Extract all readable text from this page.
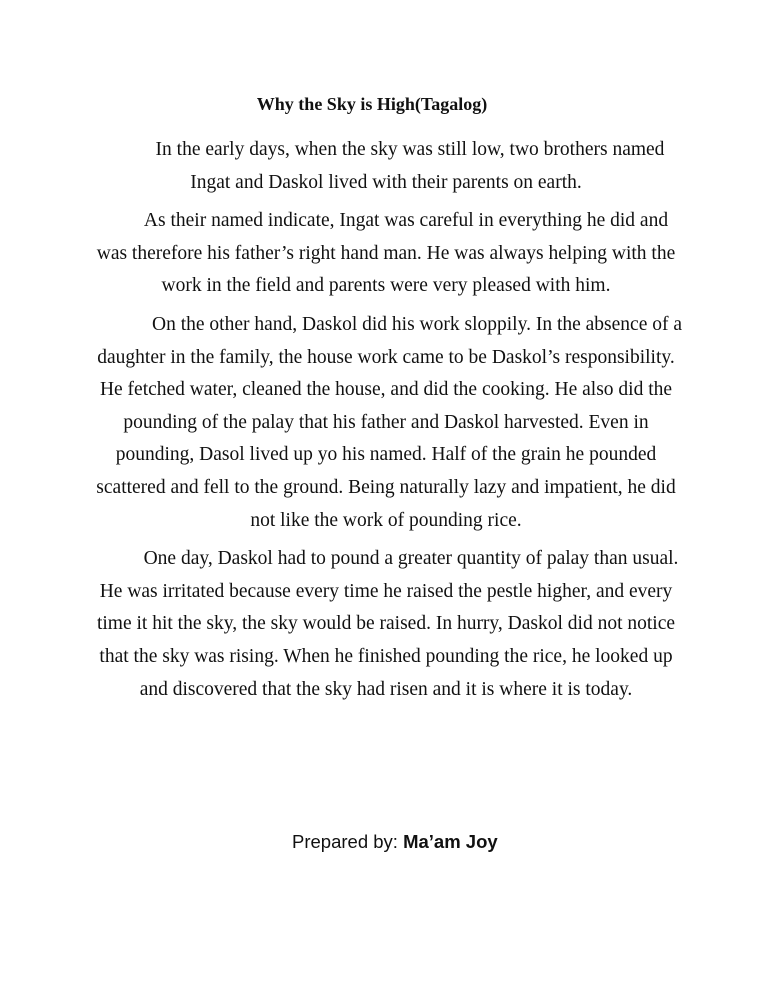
Why the Sky is High(Tagalog)

In the early days, when the sky was still low, two brothers named Ingat and Daskol lived with their parents on earth.

As their named indicate, Ingat was careful in everything he did and was therefore his father’s right hand man. He was always helping with the work in the field and parents were very pleased with him.

On the other hand, Daskol did his work sloppily. In the absence of a daughter in the family, the house work came to be Daskol’s responsibility. He fetched water, cleaned the house, and did the cooking. He also did the pounding of the palay that his father and Daskol harvested. Even in pounding, Dasol lived up yo his named. Half of the grain he pounded scattered and fell to the ground. Being naturally lazy and impatient, he did not like the work of pounding rice.

One day, Daskol had to pound a greater quantity of palay than usual. He was irritated because every time he raised the pestle higher, and every time it hit the sky, the sky would be raised. In hurry, Daskol did not notice that the sky was rising. When he finished pounding the rice, he looked up and discovered that the sky had risen and it is where it is today.

Prepared by: Ma’am Joy
